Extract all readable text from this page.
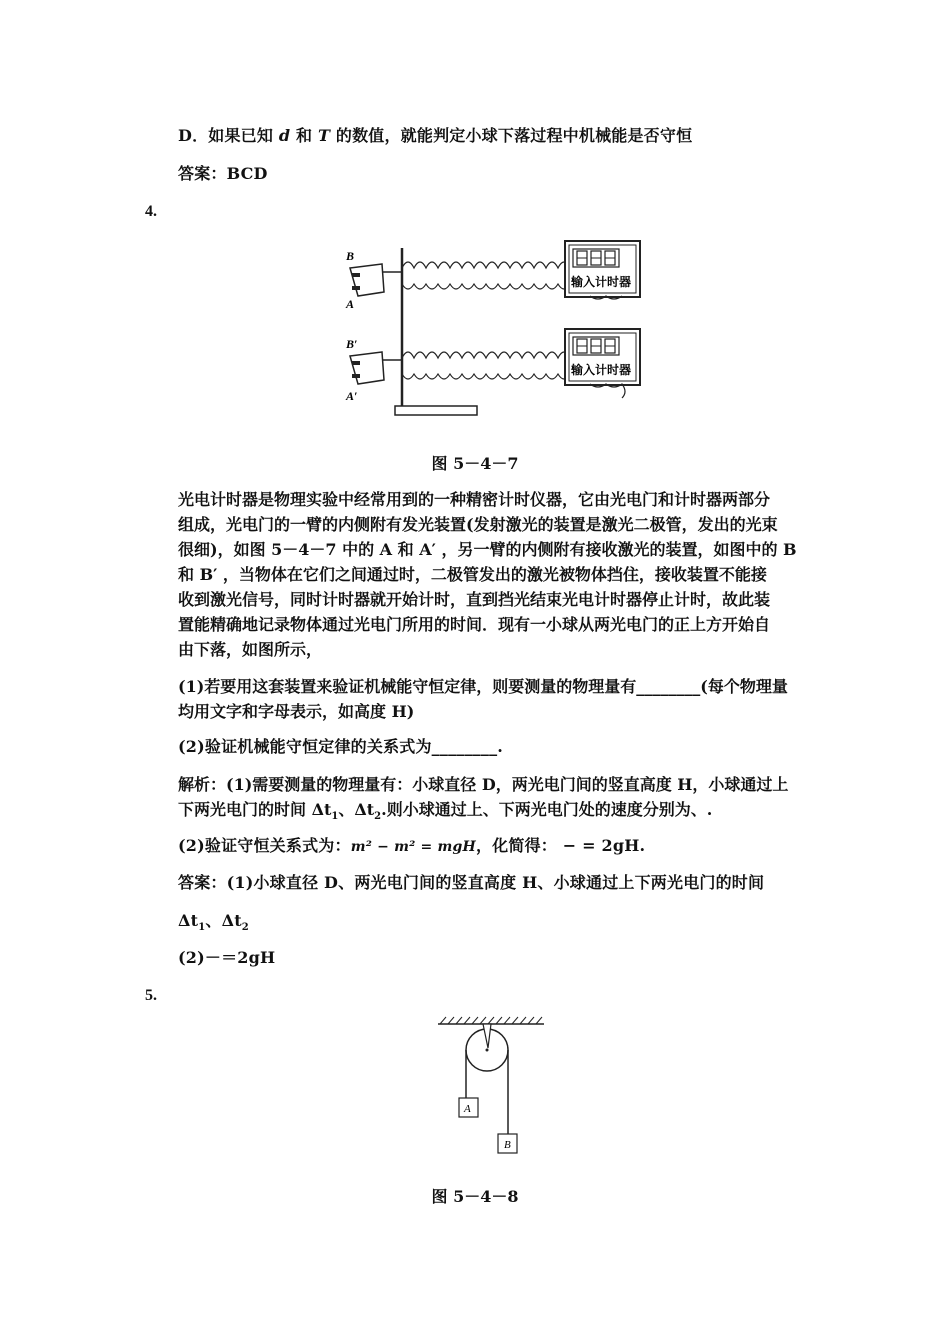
D．如果已知 d 和 T 的数值，就能判定小球下落过程中机械能是否守恒
答案：BCD
4.
输入计时器
输入计时器
B
A
B′
A′
图 5－4－7
光电计时器是物理实验中经常用到的一种精密计时仪器，它由光电门和计时器两部分
组成，光电门的一臂的内侧附有发光装置(发射激光的装置是激光二极管，发出的光束
很细)，如图 5－4－7 中的 A 和 A′ ，另一臂的内侧附有接收激光的装置，如图中的 B
和 B′ ，当物体在它们之间通过时，二极管发出的激光被物体挡住，接收装置不能接
收到激光信号，同时计时器就开始计时，直到挡光结束光电计时器停止计时，故此装
置能精确地记录物体通过光电门所用的时间．现有一小球从两光电门的正上方开始自
由下落，如图所示，
(1)若要用这套装置来验证机械能守恒定律，则要测量的物理量有________(每个物理量
均用文字和字母表示，如高度 H)
(2)验证机械能守恒定律的关系式为________.
解析：(1)需要测量的物理量有：小球直径 D，两光电门间的竖直高度 H，小球通过上
下两光电门的时间 $\Delta t_1$、$\Delta t_2$.则小球通过上、下两光电门处的速度分别为、.
(2)验证守恒关系式为：m² − m² = mgH，化简得： − = 2gH.
答案：(1)小球直径 D、两光电门间的竖直高度 H、小球通过上下两光电门的时间
$\Delta t_1$、$\Delta t_2$
(2)－＝2gH
5.
A
B
图 5－4－8
